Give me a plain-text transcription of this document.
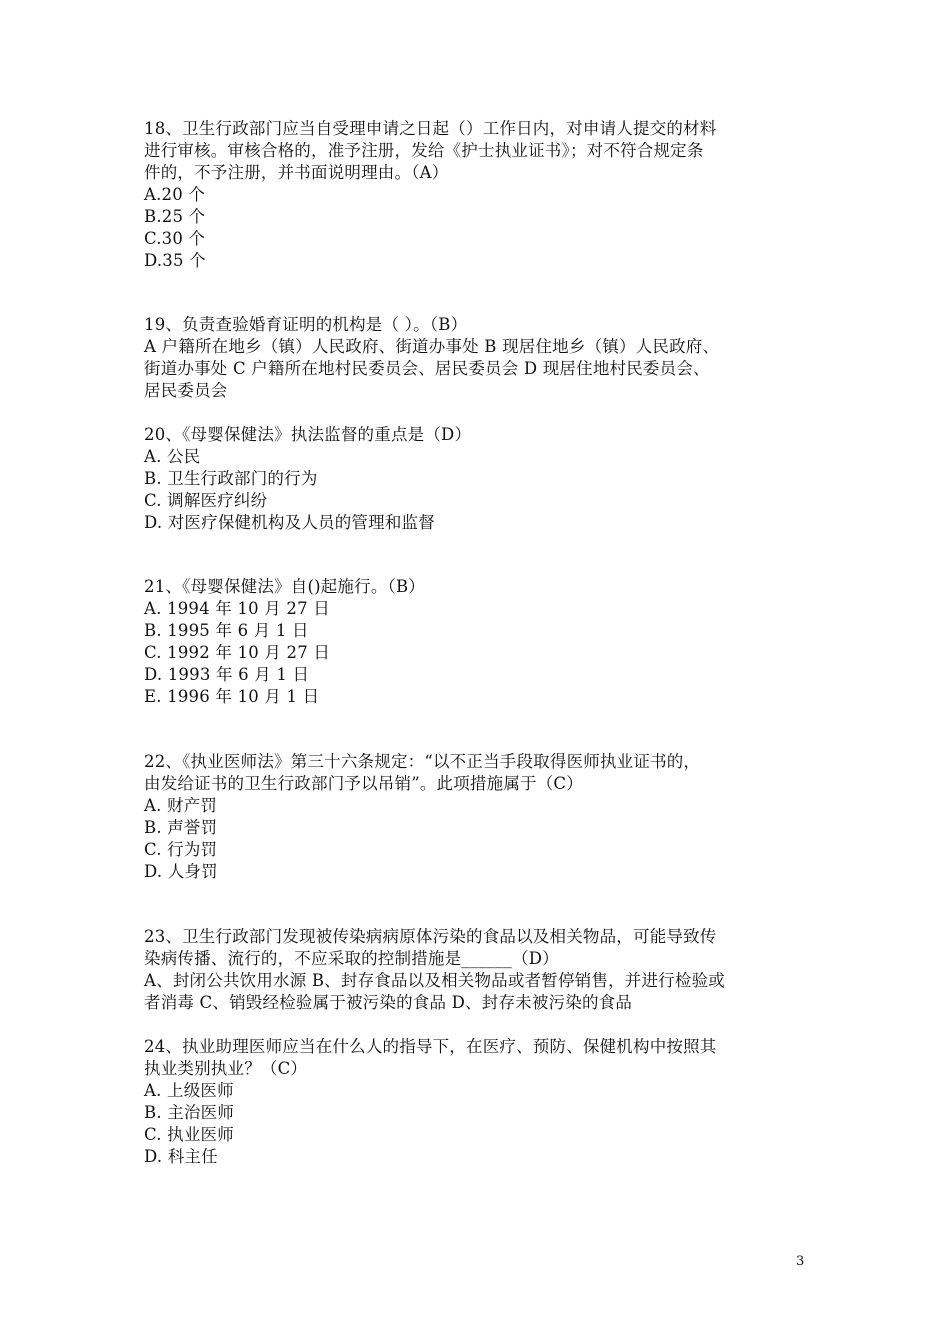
18、卫生行政部门应当自受理申请之日起（）工作日内，对申请人提交的材料
进行审核。审核合格的，准予注册，发给《护士执业证书》；对不符合规定条
件的，不予注册，并书面说明理由。（A）
A.20 个
B.25 个
C.30 个
D.35 个
19、负责查验婚育证明的机构是（ ）。（B）
A 户籍所在地乡（镇）人民政府、街道办事处 B 现居住地乡（镇）人民政府、
街道办事处 C 户籍所在地村民委员会、居民委员会 D 现居住地村民委员会、
居民委员会
20、《母婴保健法》执法监督的重点是（D）
A. 公民
B. 卫生行政部门的行为
C. 调解医疗纠纷
D. 对医疗保健机构及人员的管理和监督
21、《母婴保健法》自()起施行。（B）
A. 1994 年 10 月 27 日
B. 1995 年 6 月 1 日
C. 1992 年 10 月 27 日
D. 1993 年 6 月 1 日
E. 1996 年 10 月 1 日
22、《执业医师法》第三十六条规定：“以不正当手段取得医师执业证书的，
由发给证书的卫生行政部门予以吊销”。此项措施属于（C）
A. 财产罚
B. 声誉罚
C. 行为罚
D. 人身罚
23、卫生行政部门发现被传染病病原体污染的食品以及相关物品，可能导致传
染病传播、流行的，不应采取的控制措施是______（D）
A、封闭公共饮用水源 B、封存食品以及相关物品或者暂停销售，并进行检验或
者消毒 C、销毁经检验属于被污染的食品 D、封存未被污染的食品
24、执业助理医师应当在什么人的指导下，在医疗、预防、保健机构中按照其
执业类别执业？（C）
A. 上级医师
B. 主治医师
C. 执业医师
D. 科主任
3
